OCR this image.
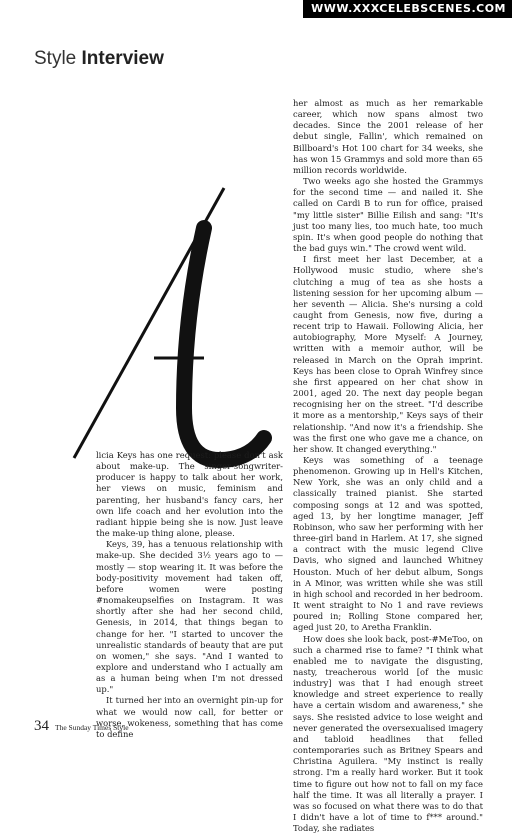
WWW.XXXCELEBSCENES.COM
Style Interview
A

licia Keys has one request: please don't ask about make-up. The singer-songwriter-producer is happy to talk about her work, her views on music, feminism and parenting, her husband's fancy cars, her own life coach and her evolution into the radiant hippie being she is now. Just leave the make-up thing alone, please.

Keys, 39, has a tenuous relationship with make-up. She decided 3½ years ago to — mostly — stop wearing it. It was before the body-positivity movement had taken off, before women were posting #nomakeupselfies on Instagram. It was shortly after she had her second child, Genesis, in 2014, that things began to change for her. "I started to uncover the unrealistic standards of beauty that are put on women," she says. "And I wanted to explore and understand who I actually am as a human being when I'm not dressed up."

It turned her into an overnight pin-up for what we would now call, for better or worse, wokeness, something that has come to define

her almost as much as her remarkable career, which now spans almost two decades. Since the 2001 release of her debut single, Fallin', which remained on Billboard's Hot 100 chart for 34 weeks, she has won 15 Grammys and sold more than 65 million records worldwide.

Two weeks ago she hosted the Grammys for the second time — and nailed it. She called on Cardi B to run for office, praised "my little sister" Billie Eilish and sang: "It's just too many lies, too much hate, too much spin. It's when good people do nothing that the bad guys win." The crowd went wild.

I first meet her last December, at a Hollywood music studio, where she's clutching a mug of tea as she hosts a listening session for her upcoming album — her seventh — Alicia. She's nursing a cold caught from Genesis, now five, during a recent trip to Hawaii. Following Alicia, her autobiography, More Myself: A Journey, written with a memoir author, will be released in March on the Oprah imprint. Keys has been close to Oprah Winfrey since she first appeared on her chat show in 2001, aged 20. The next day people began recognising her on the street. "I'd describe it more as a mentorship," Keys says of their relationship. "And now it's a friendship. She was the first one who gave me a chance, on her show. It changed everything."

Keys was something of a teenage phenomenon. Growing up in Hell's Kitchen, New York, she was an only child and a classically trained pianist. She started composing songs at 12 and was spotted, aged 13, by her longtime manager, Jeff Robinson, who saw her performing with her three-girl band in Harlem. At 17, she signed a contract with the music legend Clive Davis, who signed and launched Whitney Houston. Much of her debut album, Songs in A Minor, was written while she was still in high school and recorded in her bedroom. It went straight to No 1 and rave reviews poured in; Rolling Stone compared her, aged just 20, to Aretha Franklin.

How does she look back, post-#MeToo, on such a charmed rise to fame? "I think what enabled me to navigate the disgusting, nasty, treacherous world [of the music industry] was that I had enough street knowledge and street experience to really have a certain wisdom and awareness," she says. She resisted advice to lose weight and never generated the oversexualised imagery and tabloid headlines that felled contemporaries such as Britney Spears and Christina Aguilera. "My instinct is really strong. I'm a really hard worker. But it took time to figure out how not to fall on my face half the time. It was all literally a prayer. I was so focused on what there was to do that I didn't have a lot of time to f*** around." Today, she radiates

34 The Sunday Times Style
